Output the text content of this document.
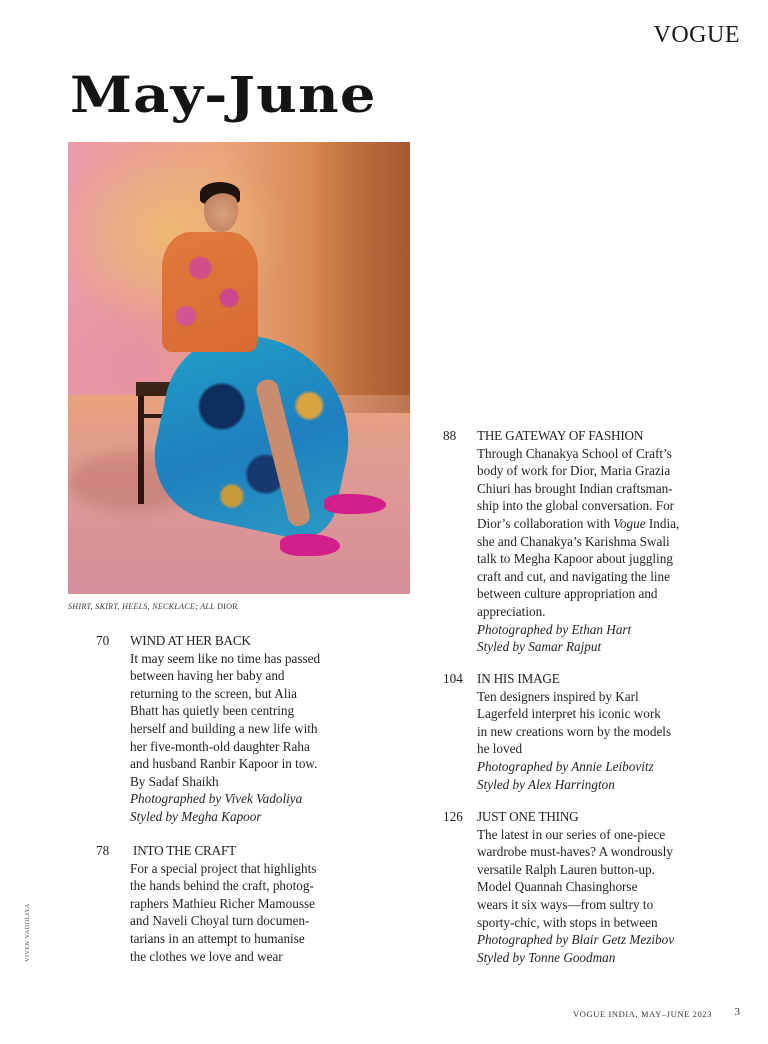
VOGUE
May-June
SHIRT, SKIRT, HEELS, NECKLACE; ALL DIOR
70 WIND AT HER BACK
It may seem like no time has passed
between having her baby and
returning to the screen, but Alia
Bhatt has quietly been centring
herself and building a new life with
her five-month-old daughter Raha
and husband Ranbir Kapoor in tow.
By Sadaf Shaikh
Photographed by Vivek Vadoliya
Styled by Megha Kapoor
78 INTO THE CRAFT
For a special project that highlights
the hands behind the craft, photog-
raphers Mathieu Richer Mamousse
and Naveli Choyal turn documen-
tarians in an attempt to humanise
the clothes we love and wear
88 THE GATEWAY OF FASHION
Through Chanakya School of Craft’s
body of work for Dior, Maria Grazia
Chiuri has brought Indian craftsman-
ship into the global conversation. For
Dior’s collaboration with Vogue India,
she and Chanakya’s Karishma Swali
talk to Megha Kapoor about juggling
craft and cut, and navigating the line
between culture appropriation and
appreciation.
Photographed by Ethan Hart
Styled by Samar Rajput
104 IN HIS IMAGE
Ten designers inspired by Karl
Lagerfeld interpret his iconic work
in new creations worn by the models
he loved
Photographed by Annie Leibovitz
Styled by Alex Harrington
126 JUST ONE THING
The latest in our series of one-piece
wardrobe must-haves? A wondrously
versatile Ralph Lauren button-up.
Model Quannah Chasinghorse
wears it six ways—from sultry to
sporty-chic, with stops in between
Photographed by Blair Getz Mezibov
Styled by Tonne Goodman
VIVEK VADOLIYA
VOGUE INDIA, MAY–JUNE 2023 3
